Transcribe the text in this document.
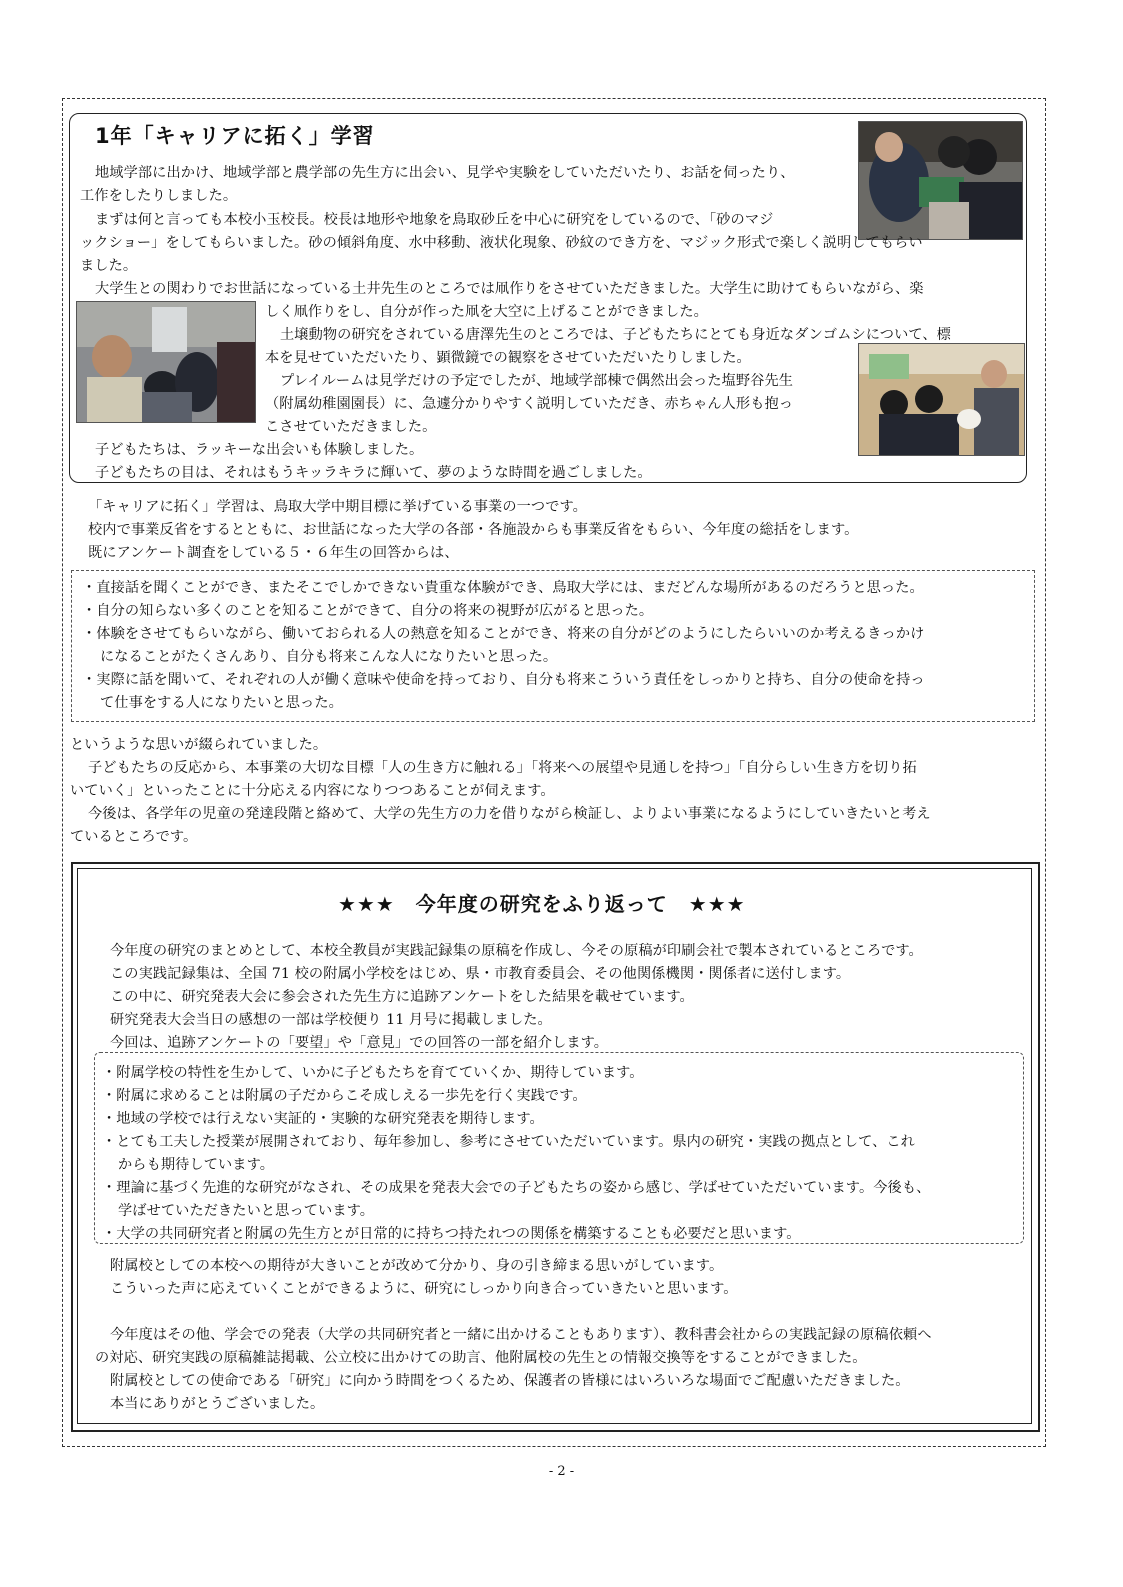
1年「キャリアに拓く」学習
地域学部に出かけ、地域学部と農学部の先生方に出会い、見学や実験をしていただいたり、お話を伺ったり、
工作をしたりしました。
まずは何と言っても本校小玉校長。校長は地形や地象を鳥取砂丘を中心に研究をしているので、「砂のマジ
ックショー」をしてもらいました。砂の傾斜角度、水中移動、液状化現象、砂紋のでき方を、マジック形式で楽しく説明してもらい
ました。
大学生との関わりでお世話になっている土井先生のところでは凧作りをさせていただきました。大学生に助けてもらいながら、楽
しく凧作りをし、自分が作った凧を大空に上げることができました。
土壌動物の研究をされている唐澤先生のところでは、子どもたちにとても身近なダンゴムシについて、標
本を見せていただいたり、顕微鏡での観察をさせていただいたりしました。
プレイルームは見学だけの予定でしたが、地域学部棟で偶然出会った塩野谷先生
（附属幼稚園園長）に、急遽分かりやすく説明していただき、赤ちゃん人形も抱っ
こさせていただきました。
子どもたちは、ラッキーな出会いも体験しました。
子どもたちの目は、それはもうキッラキラに輝いて、夢のような時間を過ごしました。
「キャリアに拓く」学習は、鳥取大学中期目標に挙げている事業の一つです。
校内で事業反省をするとともに、お世話になった大学の各部・各施設からも事業反省をもらい、今年度の総括をします。
既にアンケート調査をしている５・６年生の回答からは、
・直接話を聞くことができ、またそこでしかできない貴重な体験ができ、鳥取大学には、まだどんな場所があるのだろうと思った。
・自分の知らない多くのことを知ることができて、自分の将来の視野が広がると思った。
・体験をさせてもらいながら、働いておられる人の熱意を知ることができ、将来の自分がどのようにしたらいいのか考えるきっかけ
になることがたくさんあり、自分も将来こんな人になりたいと思った。
・実際に話を聞いて、それぞれの人が働く意味や使命を持っており、自分も将来こういう責任をしっかりと持ち、自分の使命を持っ
て仕事をする人になりたいと思った。
というような思いが綴られていました。
子どもたちの反応から、本事業の大切な目標「人の生き方に触れる」「将来への展望や見通しを持つ」「自分らしい生き方を切り拓
いていく」といったことに十分応える内容になりつつあることが伺えます。
今後は、各学年の児童の発達段階と絡めて、大学の先生方の力を借りながら検証し、よりよい事業になるようにしていきたいと考え
ているところです。
★★★　今年度の研究をふり返って　★★★
今年度の研究のまとめとして、本校全教員が実践記録集の原稿を作成し、今その原稿が印刷会社で製本されているところです。
この実践記録集は、全国 71 校の附属小学校をはじめ、県・市教育委員会、その他関係機関・関係者に送付します。
この中に、研究発表大会に参会された先生方に追跡アンケートをした結果を載せています。
研究発表大会当日の感想の一部は学校便り 11 月号に掲載しました。
今回は、追跡アンケートの「要望」や「意見」での回答の一部を紹介します。
・附属学校の特性を生かして、いかに子どもたちを育てていくか、期待しています。
・附属に求めることは附属の子だからこそ成しえる一歩先を行く実践です。
・地域の学校では行えない実証的・実験的な研究発表を期待します。
・とても工夫した授業が展開されており、毎年参加し、参考にさせていただいています。県内の研究・実践の拠点として、これ
からも期待しています。
・理論に基づく先進的な研究がなされ、その成果を発表大会での子どもたちの姿から感じ、学ばせていただいています。今後も、
学ばせていただきたいと思っています。
・大学の共同研究者と附属の先生方とが日常的に持ちつ持たれつの関係を構築することも必要だと思います。
附属校としての本校への期待が大きいことが改めて分かり、身の引き締まる思いがしています。
こういった声に応えていくことができるように、研究にしっかり向き合っていきたいと思います。
今年度はその他、学会での発表（大学の共同研究者と一緒に出かけることもあります）、教科書会社からの実践記録の原稿依頼へ
の対応、研究実践の原稿雑誌掲載、公立校に出かけての助言、他附属校の先生との情報交換等をすることができました。
附属校としての使命である「研究」に向かう時間をつくるため、保護者の皆様にはいろいろな場面でご配慮いただきました。
本当にありがとうございました。
- 2 -
